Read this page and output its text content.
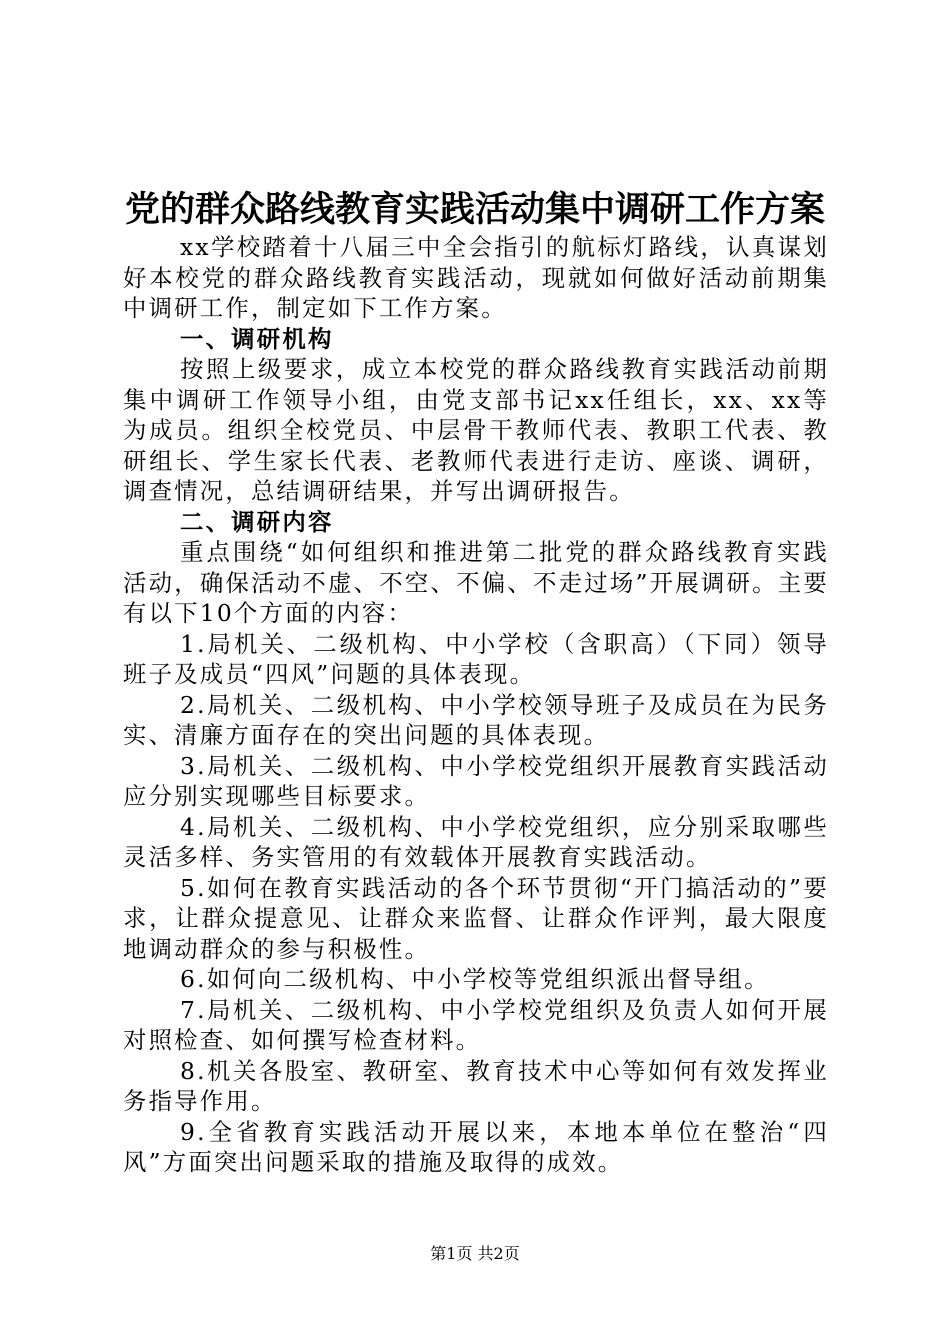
党的群众路线教育实践活动集中调研工作方案

xx学校踏着十八届三中全会指引的航标灯路线，认真谋划好本校党的群众路线教育实践活动，现就如何做好活动前期集中调研工作，制定如下工作方案。

一、调研机构

按照上级要求，成立本校党的群众路线教育实践活动前期集中调研工作领导小组，由党支部书记xx任组长，xx、xx等为成员。组织全校党员、中层骨干教师代表、教职工代表、教研组长、学生家长代表、老教师代表进行走访、座谈、调研，调查情况，总结调研结果，并写出调研报告。

二、调研内容

重点围绕“如何组织和推进第二批党的群众路线教育实践活动，确保活动不虚、不空、不偏、不走过场”开展调研。主要有以下10个方面的内容：

1.局机关、二级机构、中小学校（含职高）（下同）领导班子及成员“四风”问题的具体表现。

2.局机关、二级机构、中小学校领导班子及成员在为民务实、清廉方面存在的突出问题的具体表现。

3.局机关、二级机构、中小学校党组织开展教育实践活动应分别实现哪些目标要求。

4.局机关、二级机构、中小学校党组织，应分别采取哪些灵活多样、务实管用的有效载体开展教育实践活动。

5.如何在教育实践活动的各个环节贯彻“开门搞活动的”要求，让群众提意见、让群众来监督、让群众作评判，最大限度地调动群众的参与积极性。

6.如何向二级机构、中小学校等党组织派出督导组。

7.局机关、二级机构、中小学校党组织及负责人如何开展对照检查、如何撰写检查材料。

8.机关各股室、教研室、教育技术中心等如何有效发挥业务指导作用。

9.全省教育实践活动开展以来，本地本单位在整治“四风”方面突出问题采取的措施及取得的成效。

第1页 共2页
